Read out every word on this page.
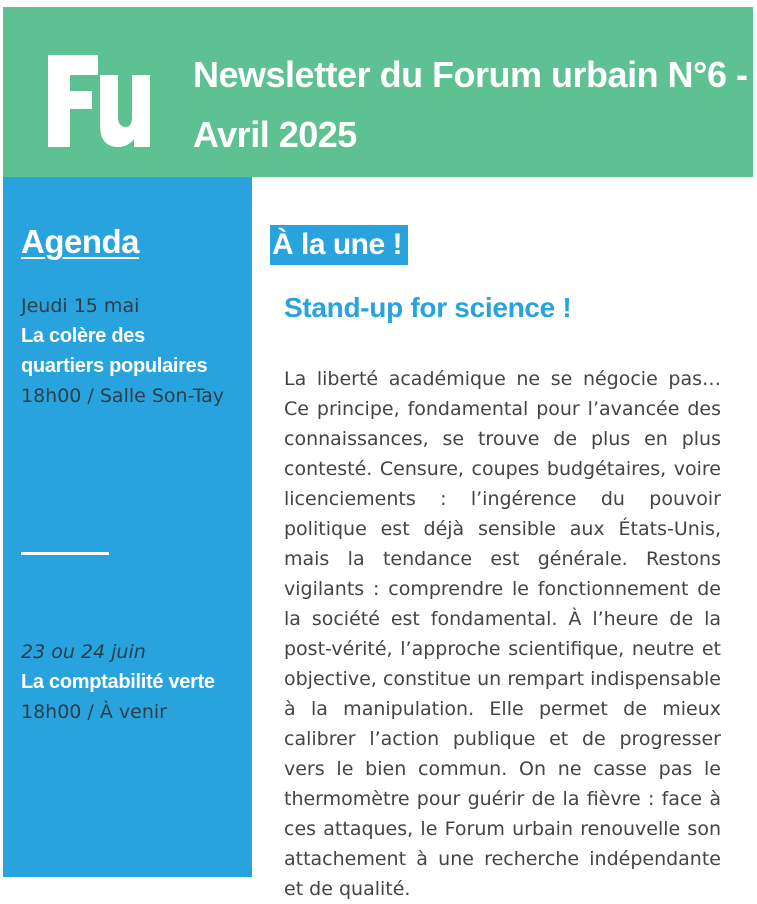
Newsletter du Forum urbain N°6 - Avril 2025
Agenda
Jeudi 15 mai
La colère des quartiers populaires 18h00 / Salle Son-Tay
23 ou 24 juin
La comptabilité verte 18h00 / À venir
À la une !
Stand-up for science !
La liberté académique ne se négocie pas… Ce principe, fondamental pour l’avancée des connaissances, se trouve de plus en plus contesté. Censure, coupes budgétaires, voire licenciements : l’ingérence du pouvoir politique est déjà sensible aux États-Unis, mais la tendance est générale. Restons vigilants : comprendre le fonctionnement de la société est fondamental. À l’heure de la post-vérité, l’approche scientifique, neutre et objective, constitue un rempart indispensable à la manipulation. Elle permet de mieux calibrer l’action publique et de progresser vers le bien commun. On ne casse pas le thermomètre pour guérir de la fièvre : face à ces attaques, le Forum urbain renouvelle son attachement à une recherche indépendante et de qualité.
